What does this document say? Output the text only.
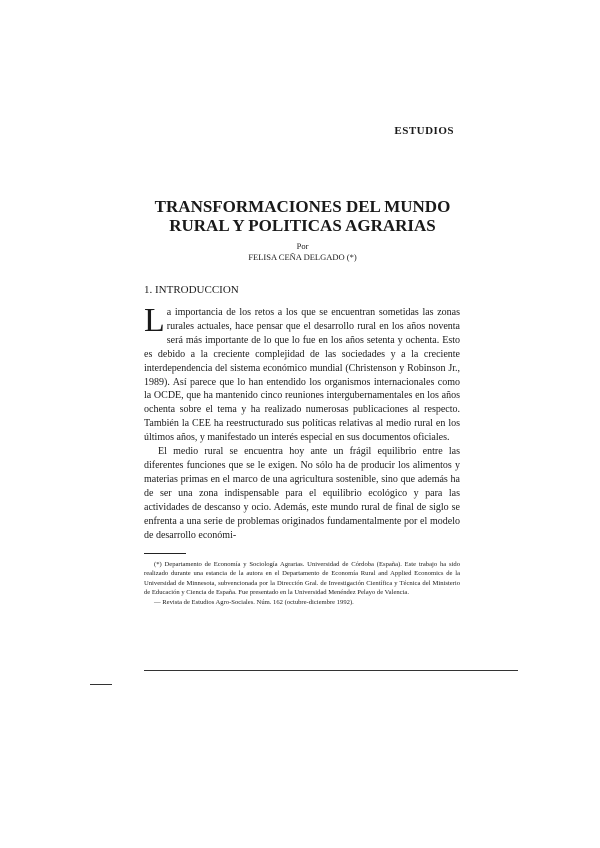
ESTUDIOS
TRANSFORMACIONES DEL MUNDO
RURAL Y POLITICAS AGRARIAS
Por
FELISA CEÑA DELGADO (*)
1. INTRODUCCION

La importancia de los retos a los que se encuentran sometidas las zonas rurales actuales, hace pensar que el desarrollo rural en los años noventa será más importante de lo que lo fue en los años setenta y ochenta. Esto es debido a la creciente complejidad de las sociedades y a la creciente interdependencia del sistema económico mundial (Christenson y Robinson Jr., 1989). Así parece que lo han entendido los organismos internacionales como la OCDE, que ha mantenido cinco reuniones intergubernamentales en los años ochenta sobre el tema y ha realizado numerosas publicaciones al respecto. También la CEE ha reestructurado sus políticas relativas al medio rural en los últimos años, y manifestado un interés especial en sus documentos oficiales.

El medio rural se encuentra hoy ante un frágil equilibrio entre las diferentes funciones que se le exigen. No sólo ha de producir los alimentos y materias primas en el marco de una agricultura sostenible, sino que además ha de ser una zona indispensable para el equilibrio ecológico y para las actividades de descanso y ocio. Además, este mundo rural de final de siglo se enfrenta a una serie de problemas originados fundamentalmente por el modelo de desarrollo económi-

(*) Departamento de Economía y Sociología Agrarias. Universidad de Córdoba (España). Este trabajo ha sido realizado durante una estancia de la autora en el Departamento de Economía Rural and Applied Economics de la Universidad de Minnesota, subvencionada por la Dirección Gral. de Investigación Científica y Técnica del Ministerio de Educación y Ciencia de España. Fue presentado en la Universidad Menéndez Pelayo de Valencia.

— Revista de Estudios Agro-Sociales. Núm. 162 (octubre-diciembre 1992).
